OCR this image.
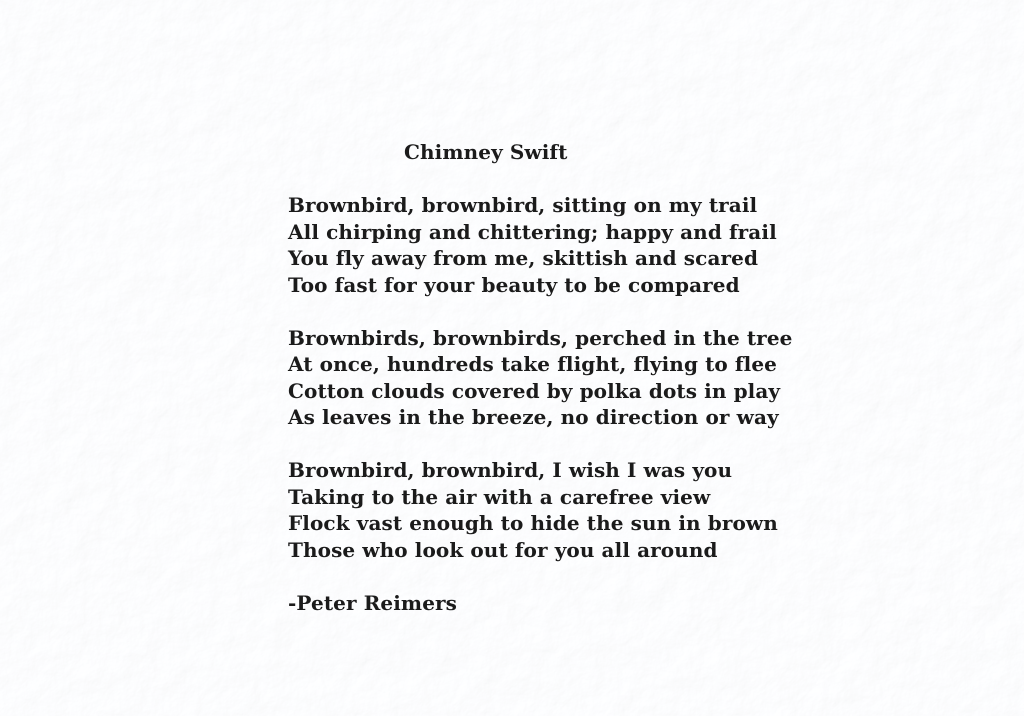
Chimney Swift
Brownbird, brownbird, sitting on my trail
All chirping and chittering; happy and frail
You fly away from me, skittish and scared
Too fast for your beauty to be compared
Brownbirds, brownbirds, perched in the tree
At once, hundreds take flight, flying to flee
Cotton clouds covered by polka dots in play
As leaves in the breeze, no direction or way
Brownbird, brownbird, I wish I was you
Taking to the air with a carefree view
Flock vast enough to hide the sun in brown
Those who look out for you all around
-Peter Reimers
